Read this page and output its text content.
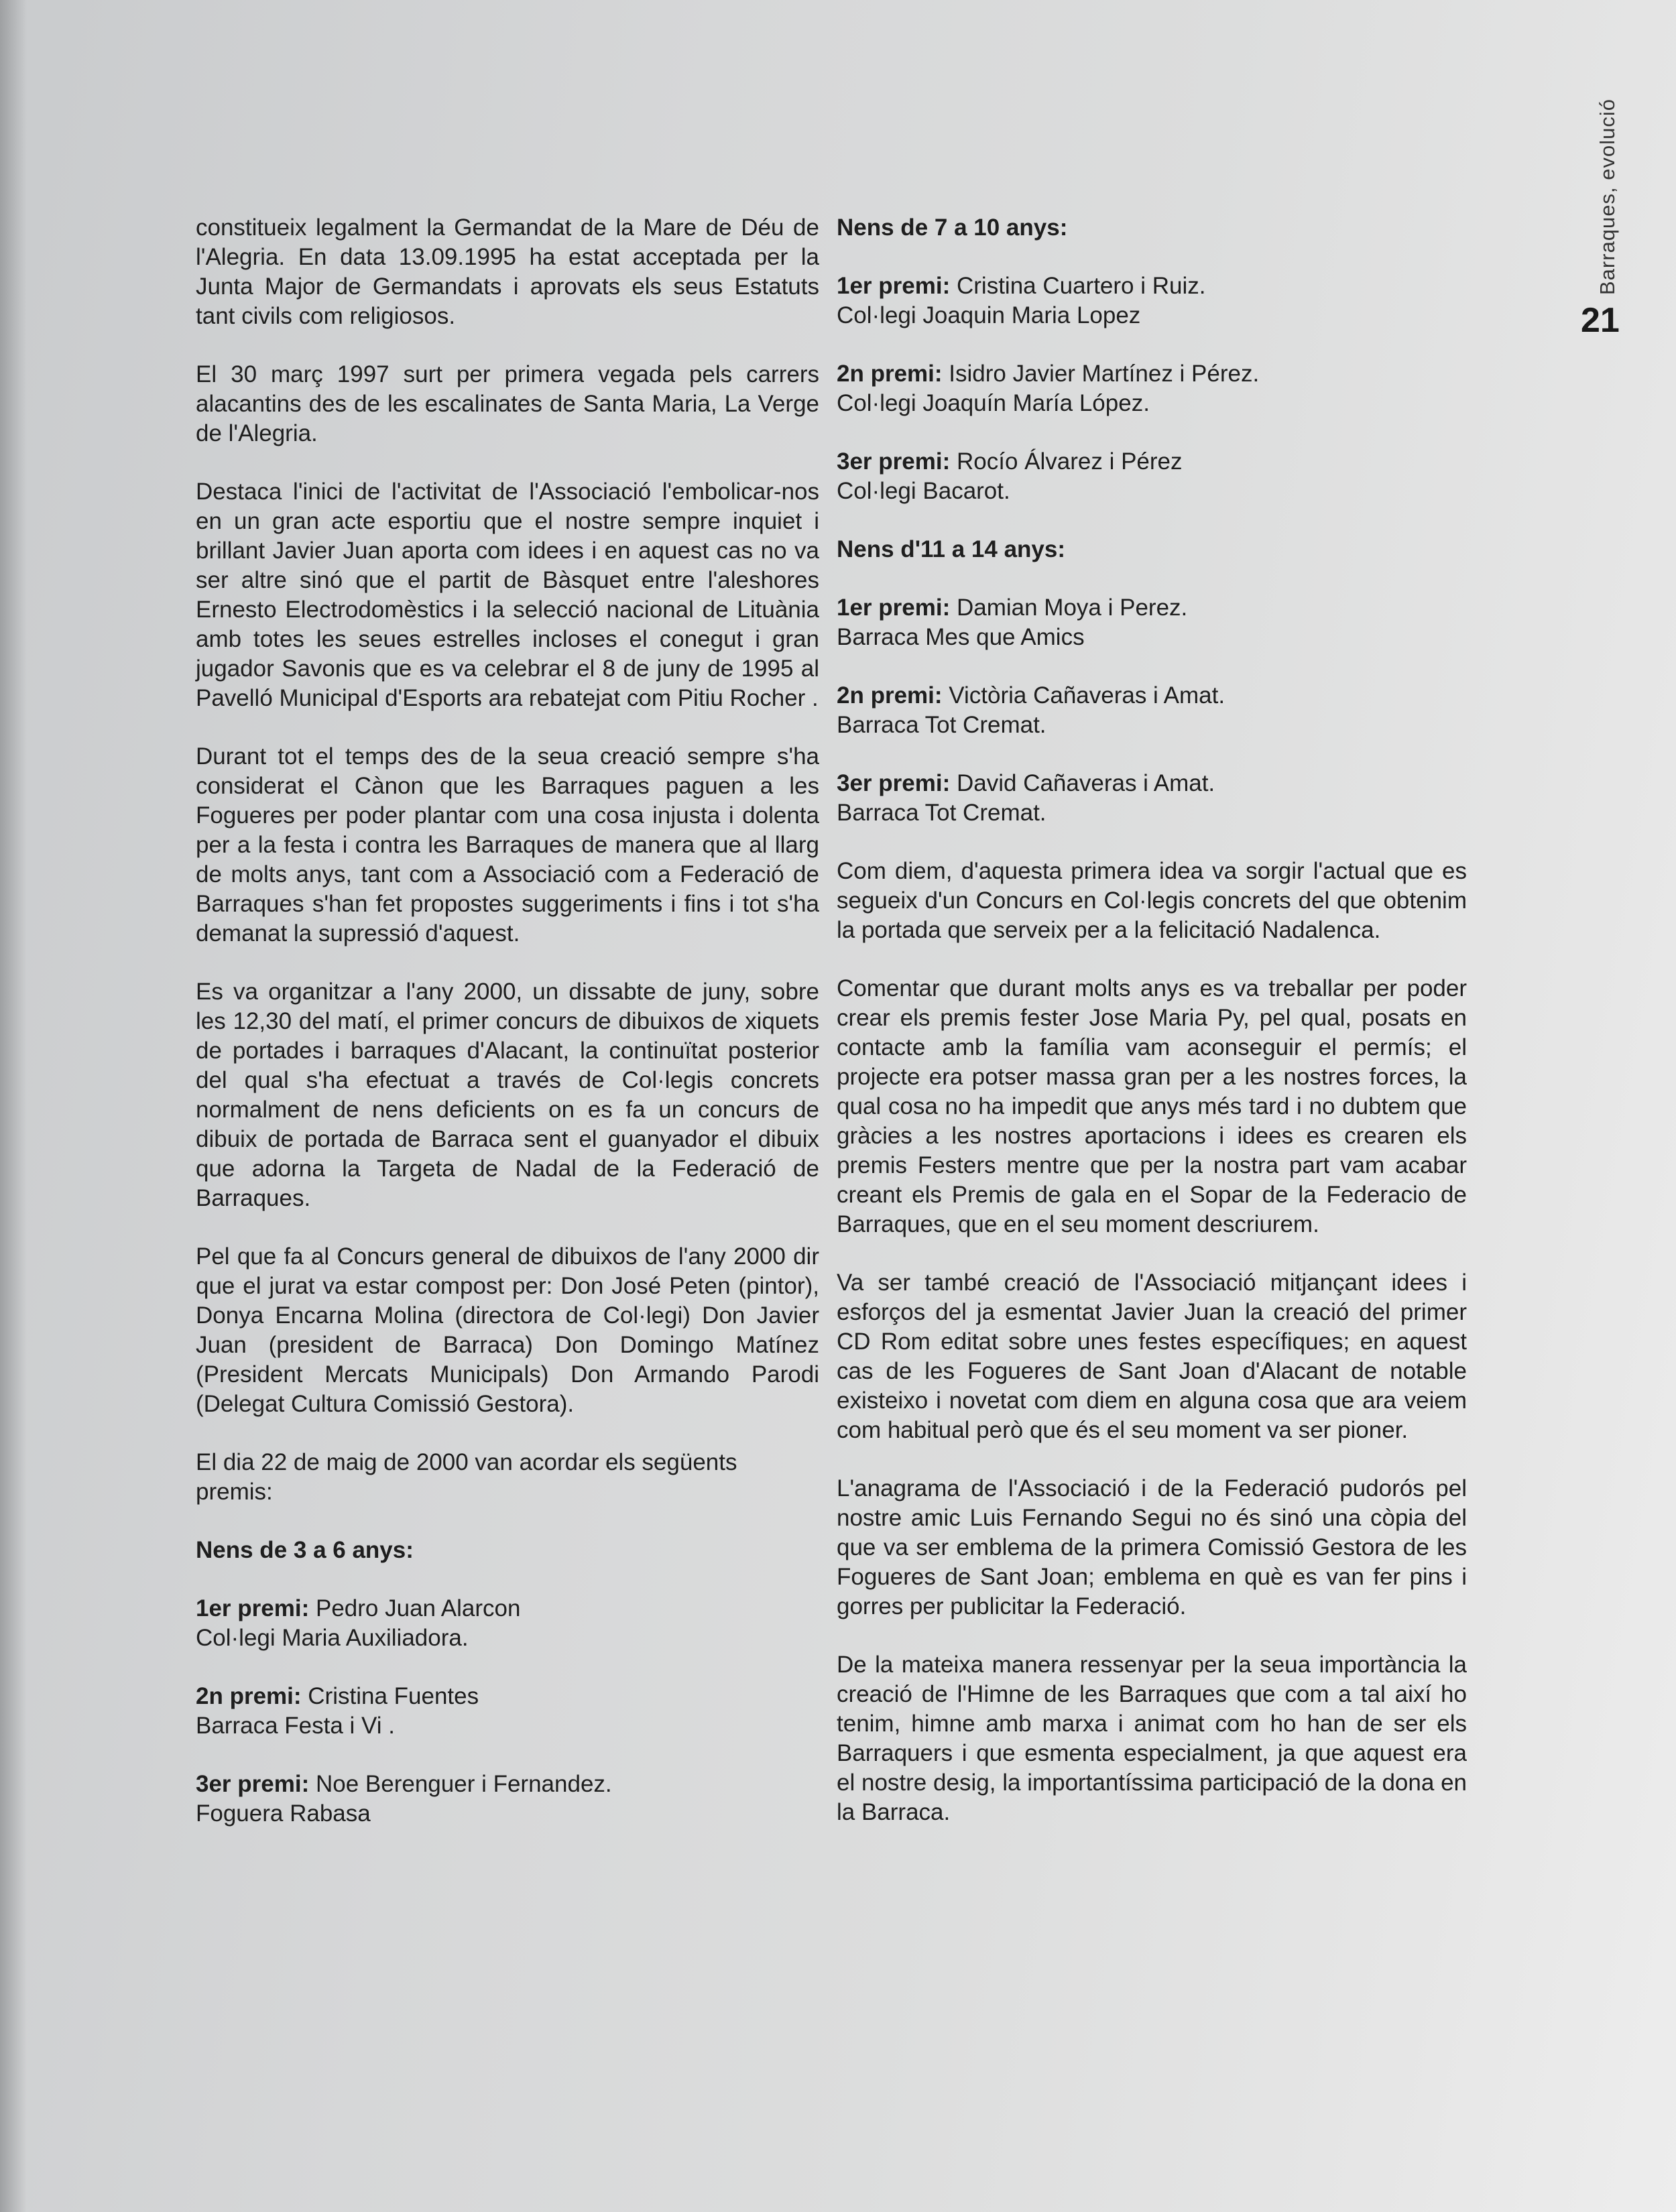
Barraques, evolució
21

constitueix legalment la Germandat de la Mare de Déu de l'Alegria. En data 13.09.1995 ha estat acceptada per la Junta Major de Germandats i aprovats els seus Estatuts tant civils com religiosos.

El 30 març 1997 surt per primera vegada pels carrers alacantins des de les escalinates de Santa Maria, La Verge de l'Alegria.

Destaca l'inici de l'activitat de l'Associació l'embolicar-nos en un gran acte esportiu que el nostre sempre inquiet i brillant Javier Juan aporta com idees i en aquest cas no va ser altre sinó que el partit de Bàsquet entre l'aleshores Ernesto Electrodomèstics i la selecció nacional de Lituània amb totes les seues estrelles incloses el conegut i gran jugador Savonis que es va celebrar el 8 de juny de 1995 al Pavelló Municipal d'Esports ara rebatejat com Pitiu Rocher .

Durant tot el temps des de la seua creació sempre s'ha considerat el Cànon que les Barraques paguen a les Fogueres per poder plantar com una cosa injusta i dolenta per a la festa i contra les Barraques de manera que al llarg de molts anys, tant com a Associació com a Federació de Barraques s'han fet propostes suggeriments i fins i tot s'ha demanat la supressió d'aquest.

Es va organitzar a l'any 2000, un dissabte de juny, sobre les 12,30 del matí, el primer concurs de dibuixos de xiquets de portades i barraques d'Alacant, la continuïtat posterior del qual s'ha efectuat a través de Col·legis concrets normalment de nens deficients on es fa un concurs de dibuix de portada de Barraca sent el guanyador el dibuix que adorna la Targeta de Nadal de la Federació de Barraques.

Pel que fa al Concurs general de dibuixos de l'any 2000 dir que el jurat va estar compost per: Don José Peten (pintor), Donya Encarna Molina (directora de Col·legi) Don Javier Juan (president de Barraca) Don Domingo Matínez (President Mercats Municipals) Don Armando Parodi (Delegat Cultura Comissió Gestora).

El dia 22 de maig de 2000 van acordar els següents premis:

Nens de 3 a 6 anys:
1er premi: Pedro Juan Alarcon
Col·legi Maria Auxiliadora.
2n premi: Cristina Fuentes
Barraca Festa i Vi .
3er premi: Noe Berenguer i Fernandez.
Foguera Rabasa
Nens de 7 a 10 anys:
1er premi: Cristina Cuartero i Ruiz.
Col·legi Joaquin Maria Lopez
2n premi: Isidro Javier Martínez i Pérez.
Col·legi Joaquín María López.
3er premi: Rocío Álvarez i Pérez
Col·legi Bacarot.
Nens d'11 a 14 anys:
1er premi: Damian Moya i Perez.
Barraca Mes que Amics
2n premi: Victòria Cañaveras i Amat.
Barraca Tot Cremat.
3er premi: David Cañaveras i Amat.
Barraca Tot Cremat.

Com diem, d'aquesta primera idea va sorgir l'actual que es segueix d'un Concurs en Col·legis concrets del que obtenim la portada que serveix per a la felicitació Nadalenca.

Comentar que durant molts anys es va treballar per poder crear els premis fester Jose Maria Py, pel qual, posats en contacte amb la família vam aconseguir el permís; el projecte era potser massa gran per a les nostres forces, la qual cosa no ha impedit que anys més tard i no dubtem que gràcies a les nostres aportacions i idees es crearen els premis Festers mentre que per la nostra part vam acabar creant els Premis de gala en el Sopar de la Federacio de Barraques, que en el seu moment descriurem.

Va ser també creació de l'Associació mitjançant idees i esforços del ja esmentat Javier Juan la creació del primer CD Rom editat sobre unes festes específiques; en aquest cas de les Fogueres de Sant Joan d'Alacant de notable existeixo i novetat com diem en alguna cosa que ara veiem com habitual però que és el seu moment va ser pioner.

L'anagrama de l'Associació i de la Federació pudorós pel nostre amic Luis Fernando Segui no és sinó una còpia del que va ser emblema de la primera Comissió Gestora de les Fogueres de Sant Joan; emblema en què es van fer pins i gorres per publicitar la Federació.

De la mateixa manera ressenyar per la seua importància la creació de l'Himne de les Barraques que com a tal així ho tenim, himne amb marxa i animat com ho han de ser els Barraquers i que esmenta especialment, ja que aquest era el nostre desig, la importantíssima participació de la dona en la Barraca.
